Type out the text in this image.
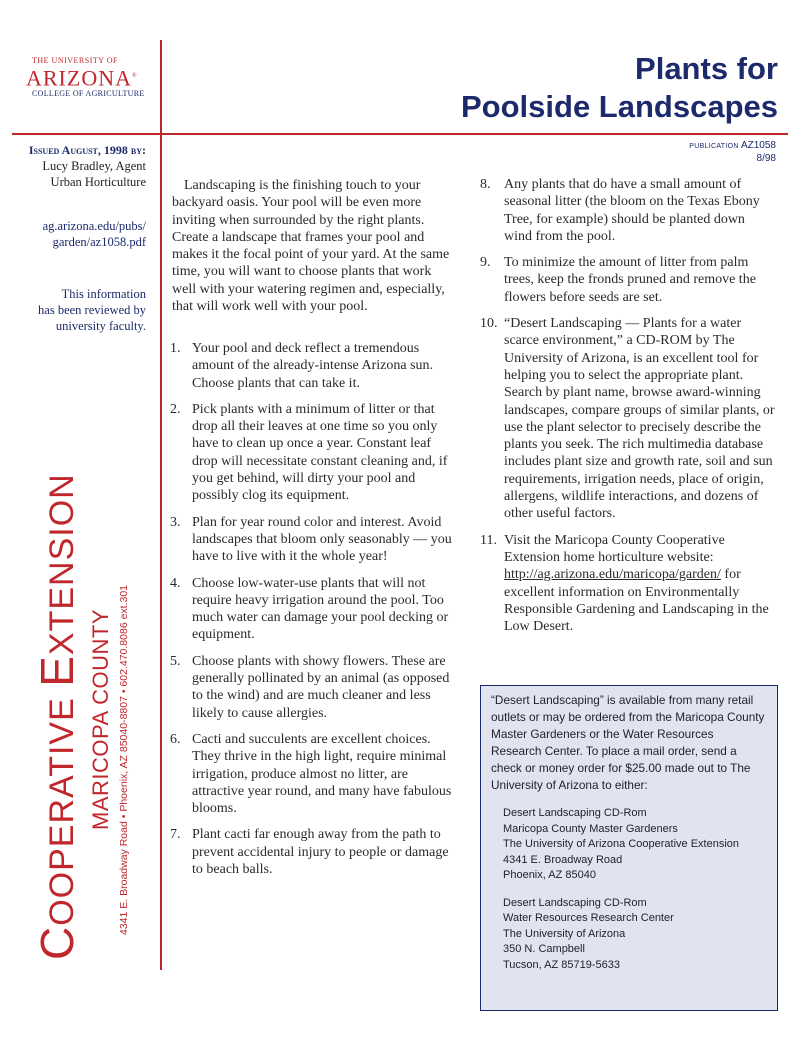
THE UNIVERSITY OF
ARIZONA®
COLLEGE OF AGRICULTURE
Plants for
Poolside Landscapes
PUBLICATION AZ1058
8/98
Issued August, 1998 by:
Lucy Bradley, Agent
Urban Horticulture
ag.arizona.edu/pubs/
garden/az1058.pdf
This information
has been reviewed by
university faculty.
COOPERATIVE EXTENSION
MARICOPA COUNTY 4341 E. Broadway Road • Phoenix, AZ 85040-8807 • 602.470.8086 ext.301

Landscaping is the finishing touch to your backyard oasis. Your pool will be even more inviting when surrounded by the right plants. Create a landscape that frames your pool and makes it the focal point of your yard. At the same time, you will want to choose plants that work well with your watering regimen and, especially, that will work well with your pool.

1. Your pool and deck reflect a tremendous amount of the already-intense Arizona sun. Choose plants that can take it.
2. Pick plants with a minimum of litter or that drop all their leaves at one time so you only have to clean up once a year. Constant leaf drop will necessitate constant cleaning and, if you get behind, will dirty your pool and possibly clog its equipment.
3. Plan for year round color and interest. Avoid landscapes that bloom only seasonably — you have to live with it the whole year!
4. Choose low-water-use plants that will not require heavy irrigation around the pool. Too much water can damage your pool decking or equipment.
5. Choose plants with showy flowers. These are generally pollinated by an animal (as opposed to the wind) and are much cleaner and less likely to cause allergies.
6. Cacti and succulents are excellent choices. They thrive in the high light, require minimal irrigation, produce almost no litter, are attractive year round, and many have fabulous blooms.
7. Plant cacti far enough away from the path to prevent accidental injury to people or damage to beach balls.
8. Any plants that do have a small amount of seasonal litter (the bloom on the Texas Ebony Tree, for example) should be planted down wind from the pool.
9. To minimize the amount of litter from palm trees, keep the fronds pruned and remove the flowers before seeds are set.
10. “Desert Landscaping — Plants for a water scarce environment,” a CD-ROM by The University of Arizona, is an excellent tool for helping you to select the appropriate plant. Search by plant name, browse award-winning landscapes, compare groups of similar plants, or use the plant selector to precisely describe the plants you seek. The rich multimedia database includes plant size and growth rate, soil and sun requirements, irrigation needs, place of origin, allergens, wildlife interactions, and dozens of other useful factors.
11. Visit the Maricopa County Cooperative Extension home horticulture website: http://ag.arizona.edu/maricopa/garden/ for excellent information on Environmentally Responsible Gardening and Landscaping in the Low Desert.
“Desert Landscaping” is available from many retail outlets or may be ordered from the Maricopa County Master Gardeners or the Water Resources Research Center. To place a mail order, send a check or money order for $25.00 made out to The University of Arizona to either:
Desert Landscaping CD-Rom
Maricopa County Master Gardeners
The University of Arizona Cooperative Extension
4341 E. Broadway Road
Phoenix, AZ 85040
Desert Landscaping CD-Rom
Water Resources Research Center
The University of Arizona
350 N. Campbell
Tucson, AZ 85719-5633
